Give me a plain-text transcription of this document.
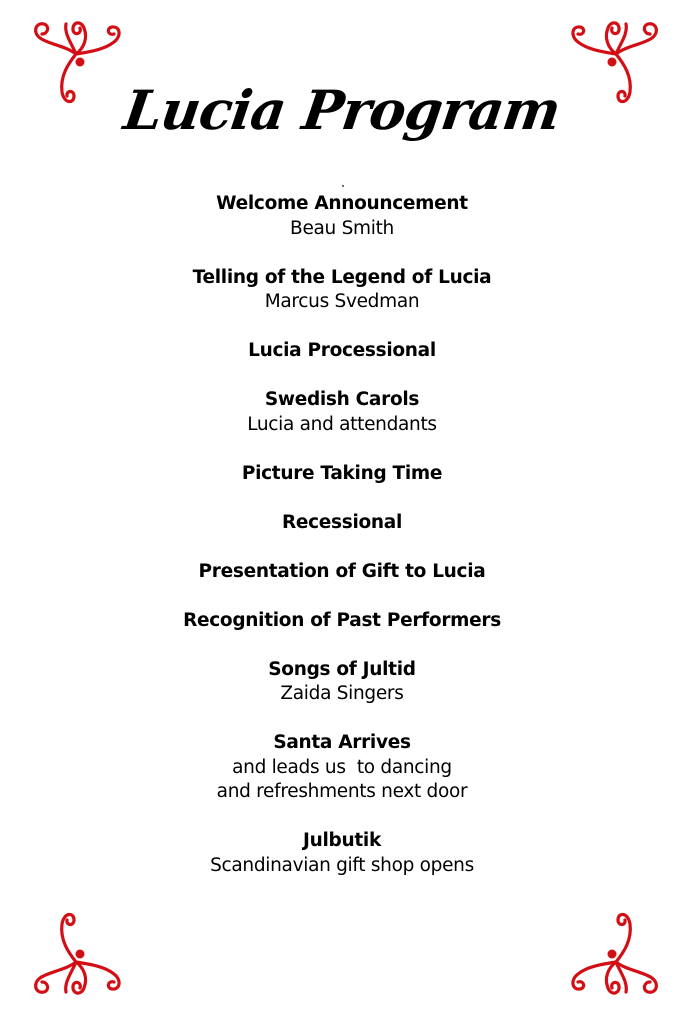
Lucia Program
Welcome Announcement
Beau Smith
Telling of the Legend of Lucia
Marcus Svedman
Lucia Processional
Swedish Carols
Lucia and attendants
Picture Taking Time
Recessional
Presentation of Gift to Lucia
Recognition of Past Performers
Songs of Jultid
Zaida Singers
Santa Arrives
and leads us  to dancing
and refreshments next door
Julbutik
Scandinavian gift shop opens
